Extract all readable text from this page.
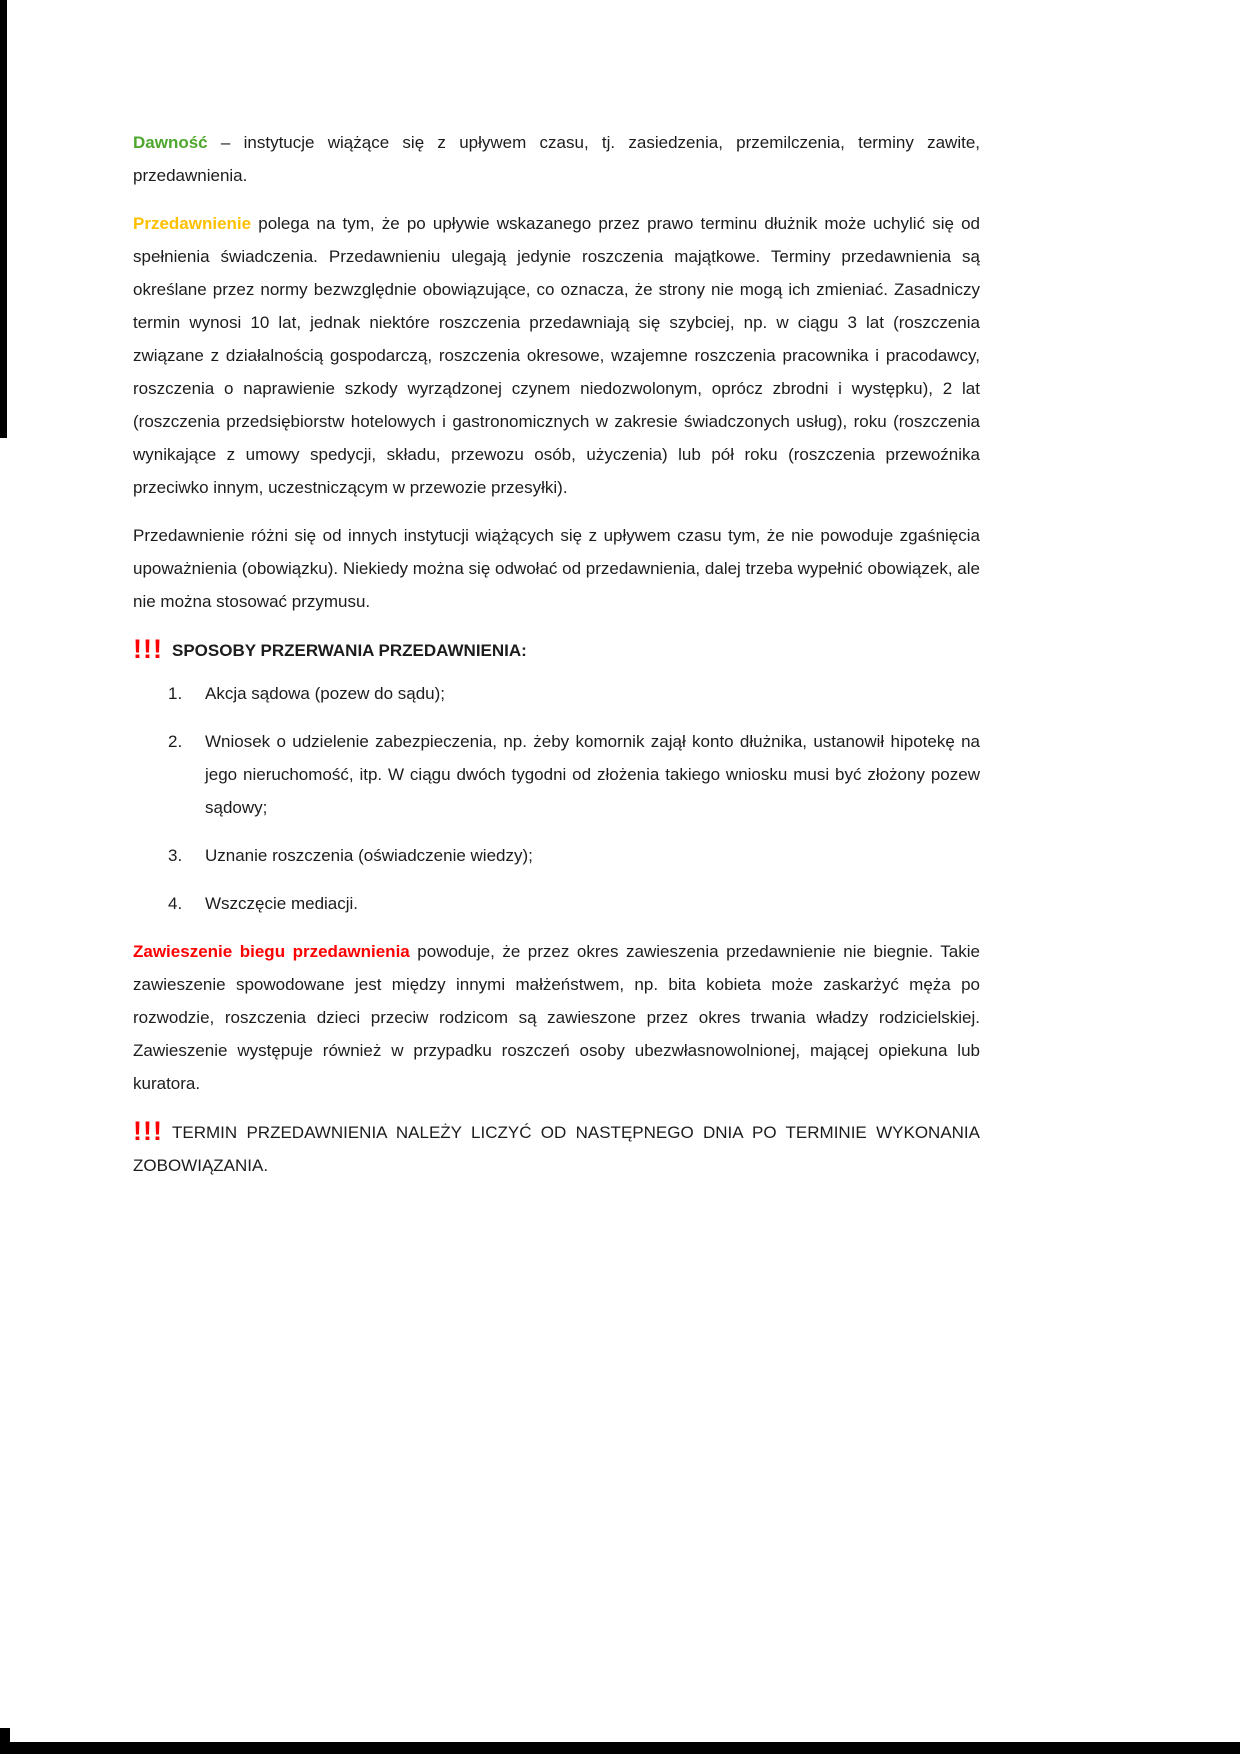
Dawność – instytucje wiążące się z upływem czasu, tj. zasiedzenia, przemilczenia, terminy zawite, przedawnienia.

Przedawnienie polega na tym, że po upływie wskazanego przez prawo terminu dłużnik może uchylić się od spełnienia świadczenia. Przedawnieniu ulegają jedynie roszczenia majątkowe. Terminy przedawnienia są określane przez normy bezwzględnie obowiązujące, co oznacza, że strony nie mogą ich zmieniać. Zasadniczy termin wynosi 10 lat, jednak niektóre roszczenia przedawniają się szybciej, np. w ciągu 3 lat (roszczenia związane z działalnością gospodarczą, roszczenia okresowe, wzajemne roszczenia pracownika i pracodawcy, roszczenia o naprawienie szkody wyrządzonej czynem niedozwolonym, oprócz zbrodni i występku), 2 lat (roszczenia przedsiębiorstw hotelowych i gastronomicznych w zakresie świadczonych usług), roku (roszczenia wynikające z umowy spedycji, składu, przewozu osób, użyczenia) lub pół roku (roszczenia przewoźnika przeciwko innym, uczestniczącym w przewozie przesyłki).

Przedawnienie różni się od innych instytucji wiążących się z upływem czasu tym, że nie powoduje zgaśnięcia upoważnienia (obowiązku). Niekiedy można się odwołać od przedawnienia, dalej trzeba wypełnić obowiązek, ale nie można stosować przymusu.

!!! SPOSOBY PRZERWANIA PRZEDAWNIENIA:

1. Akcja sądowa (pozew do sądu);
2. Wniosek o udzielenie zabezpieczenia, np. żeby komornik zajął konto dłużnika, ustanowił hipotekę na jego nieruchomość, itp. W ciągu dwóch tygodni od złożenia takiego wniosku musi być złożony pozew sądowy;
3. Uznanie roszczenia (oświadczenie wiedzy);
4. Wszczęcie mediacji.

Zawieszenie biegu przedawnienia powoduje, że przez okres zawieszenia przedawnienie nie biegnie. Takie zawieszenie spowodowane jest między innymi małżeństwem, np. bita kobieta może zaskarżyć męża po rozwodzie, roszczenia dzieci przeciw rodzicom są zawieszone przez okres trwania władzy rodzicielskiej. Zawieszenie występuje również w przypadku roszczeń osoby ubezwłasnowolnionej, mającej opiekuna lub kuratora.

!!! TERMIN PRZEDAWNIENIA NALEŻY LICZYĆ OD NASTĘPNEGO DNIA PO TERMINIE WYKONANIA ZOBOWIĄZANIA.
